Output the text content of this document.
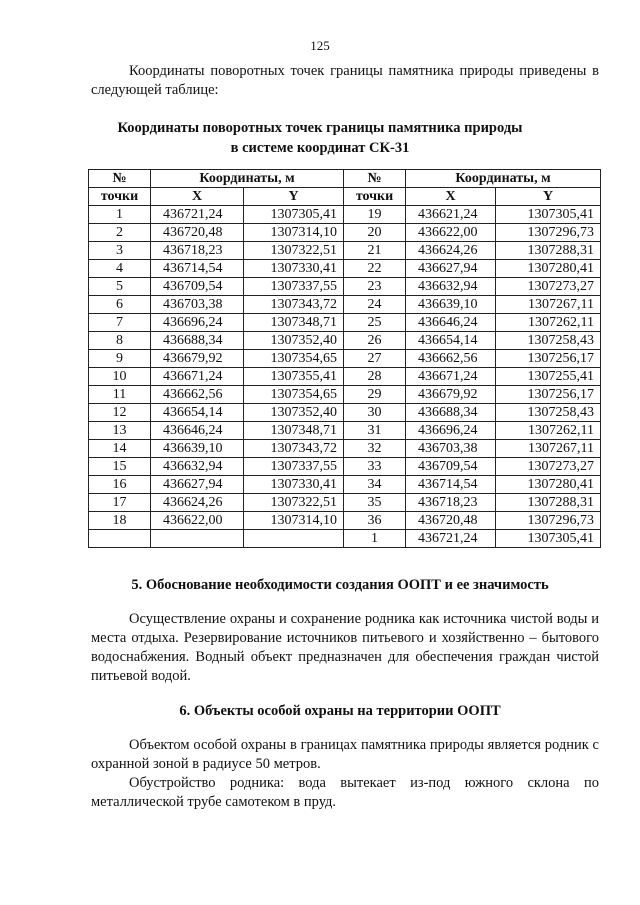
125
Координаты поворотных точек границы памятника природы приведены в следующей таблице:
Координаты поворотных точек границы памятника природы
в системе координат СК-31
№	Координаты, м		№	Координаты, м	
точки	X	Y	точки	X	Y
1	436721,24	1307305,41	19	436621,24	1307305,41
2	436720,48	1307314,10	20	436622,00	1307296,73
3	436718,23	1307322,51	21	436624,26	1307288,31
4	436714,54	1307330,41	22	436627,94	1307280,41
5	436709,54	1307337,55	23	436632,94	1307273,27
6	436703,38	1307343,72	24	436639,10	1307267,11
7	436696,24	1307348,71	25	436646,24	1307262,11
8	436688,34	1307352,40	26	436654,14	1307258,43
9	436679,92	1307354,65	27	436662,56	1307256,17
10	436671,24	1307355,41	28	436671,24	1307255,41
11	436662,56	1307354,65	29	436679,92	1307256,17
12	436654,14	1307352,40	30	436688,34	1307258,43
13	436646,24	1307348,71	31	436696,24	1307262,11
14	436639,10	1307343,72	32	436703,38	1307267,11
15	436632,94	1307337,55	33	436709,54	1307273,27
16	436627,94	1307330,41	34	436714,54	1307280,41
17	436624,26	1307322,51	35	436718,23	1307288,31
18	436622,00	1307314,10	36	436720,48	1307296,73
			1	436721,24	1307305,41
5. Обоснование необходимости создания ООПТ и ее значимость
Осуществление охраны и сохранение родника как источника чистой воды и места отдыха. Резервирование источников питьевого и хозяйственно – бытового водоснабжения. Водный объект предназначен для обеспечения граждан чистой питьевой водой.
6. Объекты особой охраны на территории ООПТ
Объектом особой охраны в границах памятника природы является родник с охранной зоной в радиусе 50 метров.
Обустройство родника: вода вытекает из-под южного склона по металлической трубе самотеком в пруд.
